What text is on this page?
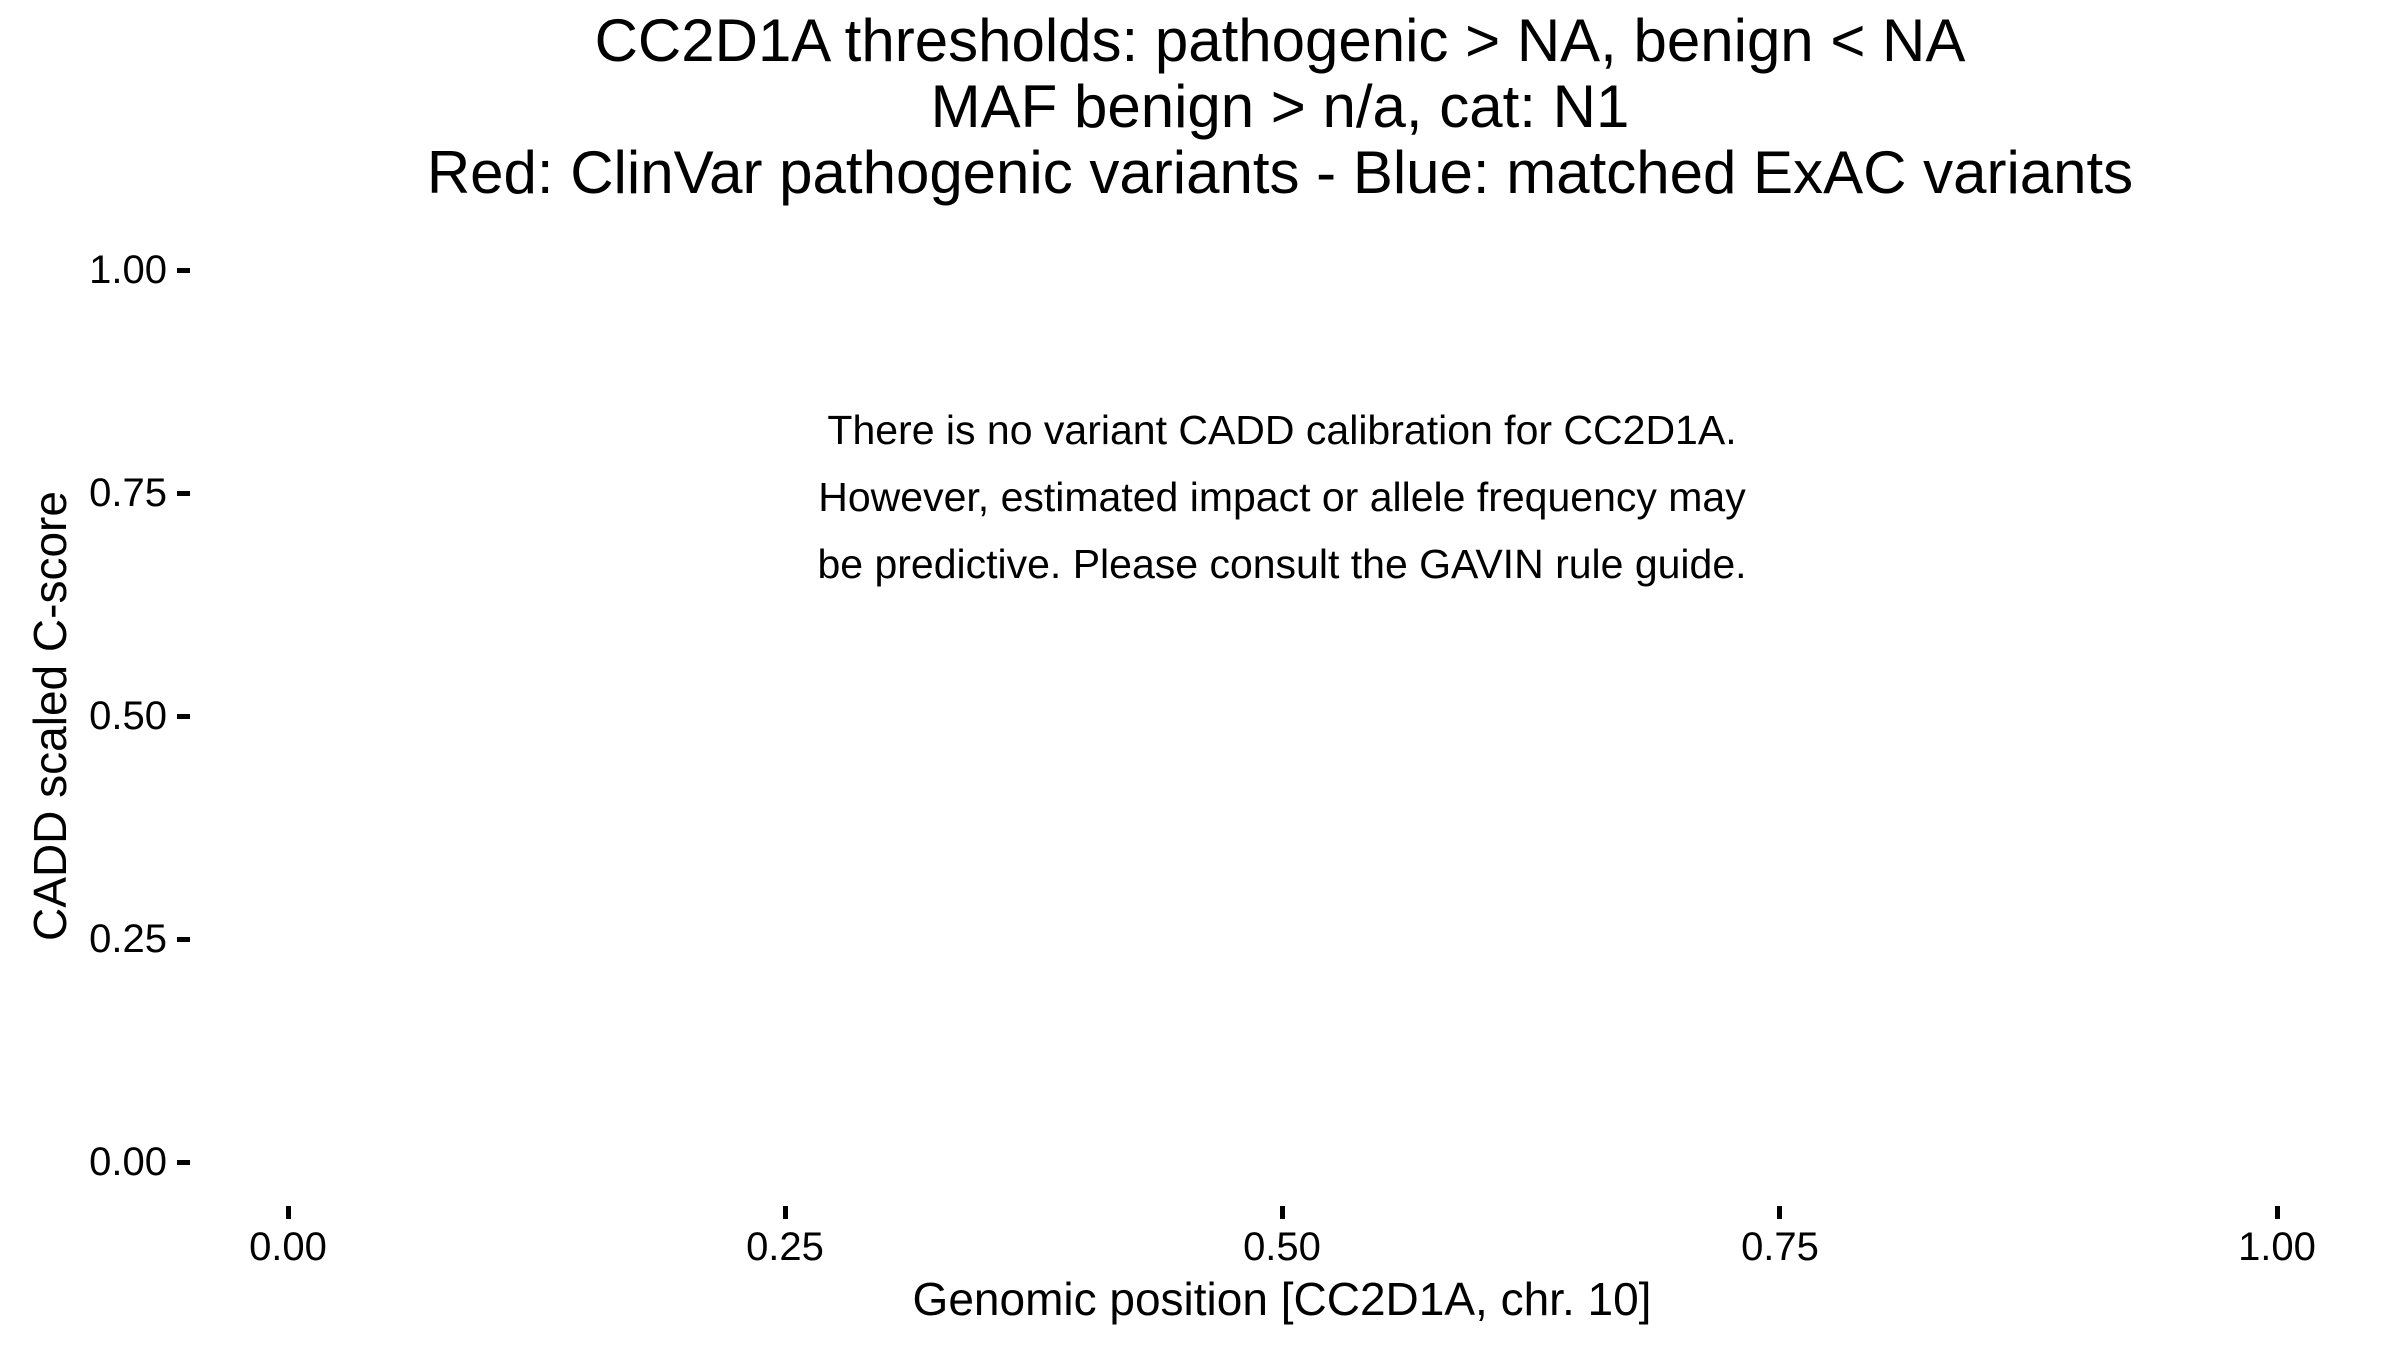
CC2D1A thresholds: pathogenic > NA, benign < NA
MAF benign > n/a, cat: N1
Red: ClinVar pathogenic variants - Blue: matched ExAC variants
There is no variant CADD calibration for CC2D1A.
However, estimated impact or allele frequency may
be predictive. Please consult the GAVIN rule guide.
CADD scaled C-score
Genomic position [CC2D1A, chr. 10]
1.00
0.75
0.50
0.25
0.00
0.00	0.25	0.50	0.75	1.00
